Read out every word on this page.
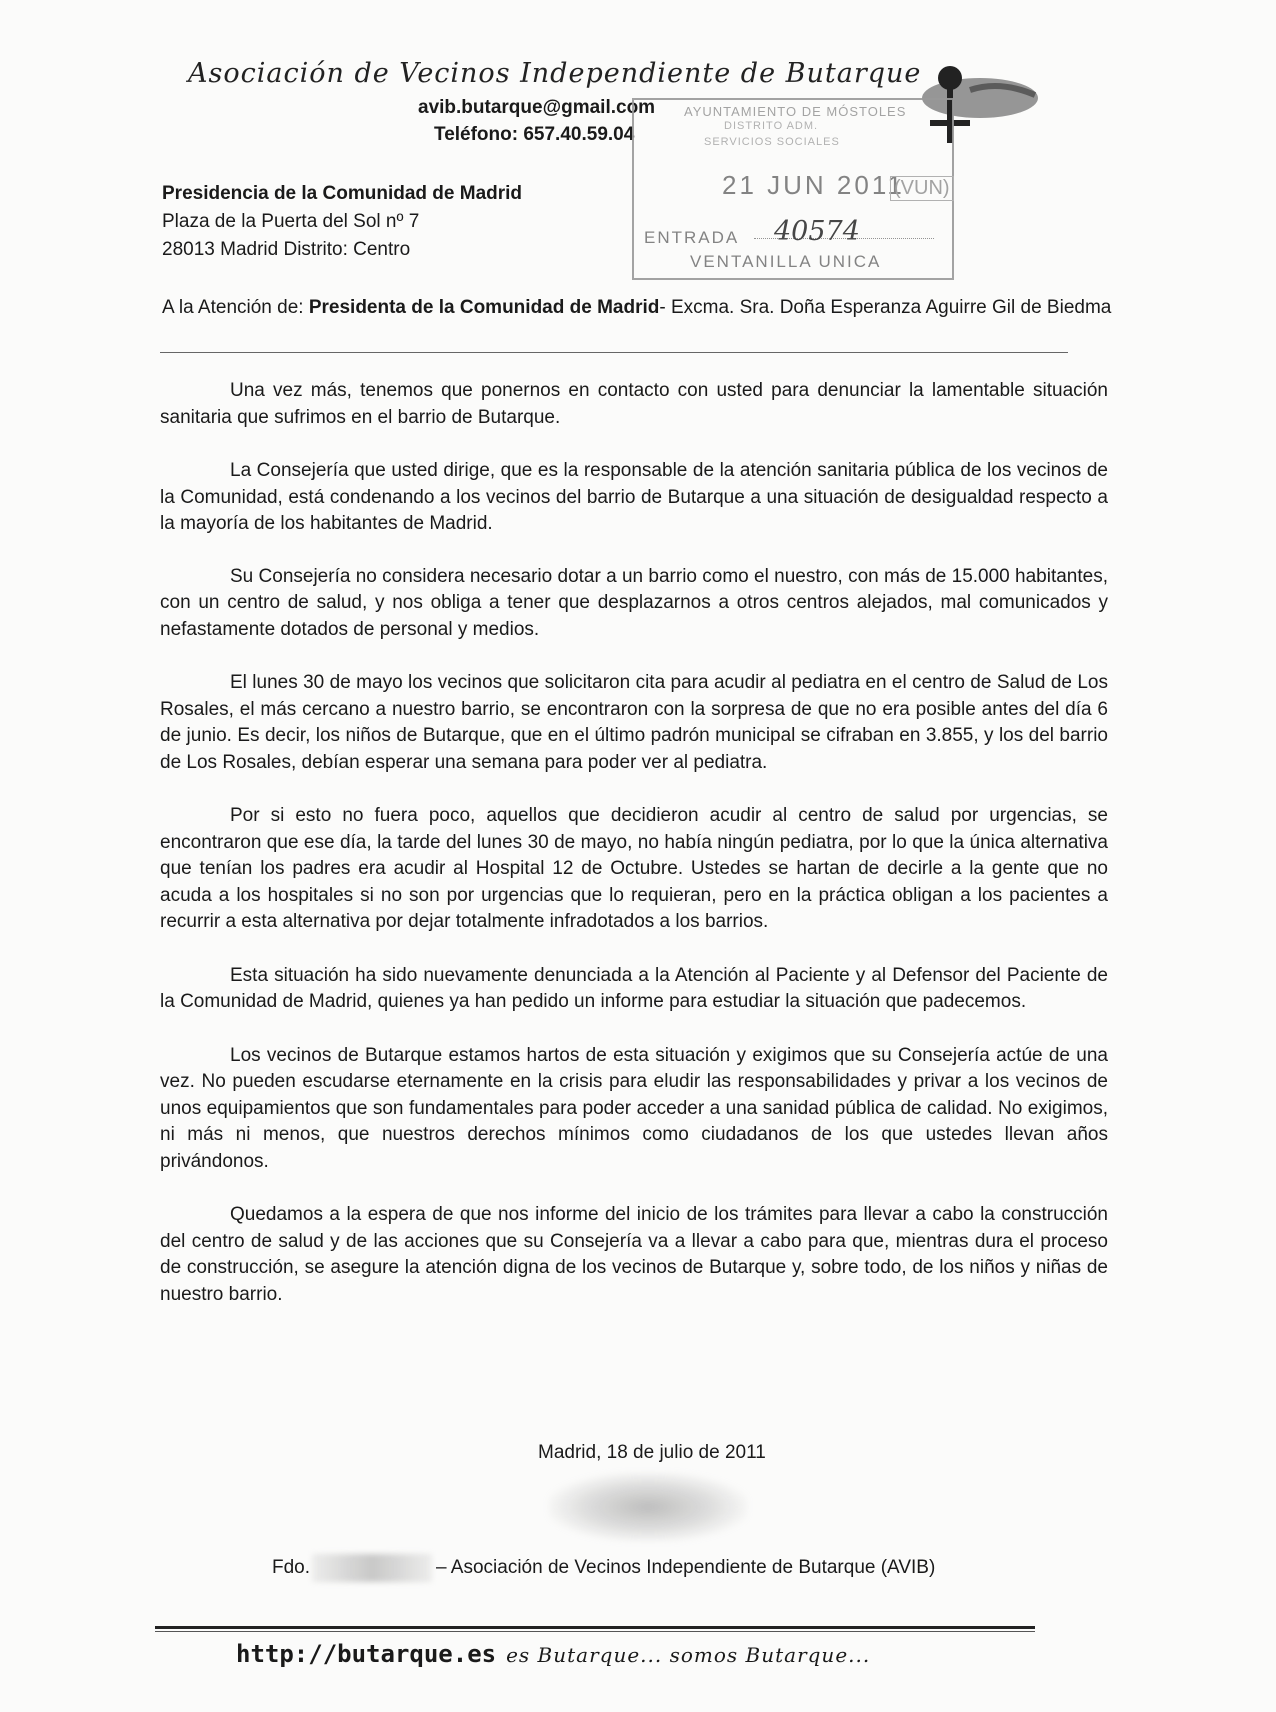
Asociación de Vecinos Independiente de Butarque
avib.butarque@gmail.com
Teléfono: 657.40.59.04
AYUNTAMIENTO DE MÓSTOLES
DISTRITO ADM.
SERVICIOS SOCIALES
21 JUN 2011
(VUN)
ENTRADA 40574
VENTANILLA UNICA
Presidencia de la Comunidad de Madrid
Plaza de la Puerta del Sol nº 7
28013 Madrid Distrito: Centro
A la Atención de: Presidenta de la Comunidad de Madrid- Excma. Sra. Doña Esperanza Aguirre Gil de Biedma

Una vez más, tenemos que ponernos en contacto con usted para denunciar la lamentable situación sanitaria que sufrimos en el barrio de Butarque.

La Consejería que usted dirige, que es la responsable de la atención sanitaria pública de los vecinos de la Comunidad, está condenando a los vecinos del barrio de Butarque a una situación de desigualdad respecto a la mayoría de los habitantes de Madrid.

Su Consejería no considera necesario dotar a un barrio como el nuestro, con más de 15.000 habitantes, con un centro de salud, y nos obliga a tener que desplazarnos a otros centros alejados, mal comunicados y nefastamente dotados de personal y medios.

El lunes 30 de mayo los vecinos que solicitaron cita para acudir al pediatra en el centro de Salud de Los Rosales, el más cercano a nuestro barrio, se encontraron con la sorpresa de que no era posible antes del día 6 de junio. Es decir, los niños de Butarque, que en el último padrón municipal se cifraban en 3.855, y los del barrio de Los Rosales, debían esperar una semana para poder ver al pediatra.

Por si esto no fuera poco, aquellos que decidieron acudir al centro de salud por urgencias, se encontraron que ese día, la tarde del lunes 30 de mayo, no había ningún pediatra, por lo que la única alternativa que tenían los padres era acudir al Hospital 12 de Octubre. Ustedes se hartan de decirle a la gente que no acuda a los hospitales si no son por urgencias que lo requieran, pero en la práctica obligan a los pacientes a recurrir a esta alternativa por dejar totalmente infradotados a los barrios.

Esta situación ha sido nuevamente denunciada a la Atención al Paciente y al Defensor del Paciente de la Comunidad de Madrid, quienes ya han pedido un informe para estudiar la situación que padecemos.

Los vecinos de Butarque estamos hartos de esta situación y exigimos que su Consejería actúe de una vez. No pueden escudarse eternamente en la crisis para eludir las responsabilidades y privar a los vecinos de unos equipamientos que son fundamentales para poder acceder a una sanidad pública de calidad. No exigimos, ni más ni menos, que nuestros derechos mínimos como ciudadanos de los que ustedes llevan años privándonos.

Quedamos a la espera de que nos informe del inicio de los trámites para llevar a cabo la construcción del centro de salud y de las acciones que su Consejería va a llevar a cabo para que, mientras dura el proceso de construcción, se asegure la atención digna de los vecinos de Butarque y, sobre todo, de los niños y niñas de nuestro barrio.

Madrid, 18 de julio de 2011
Fdo.	– Asociación de Vecinos Independiente de Butarque (AVIB)
http://butarque.es es Butarque... somos Butarque...
